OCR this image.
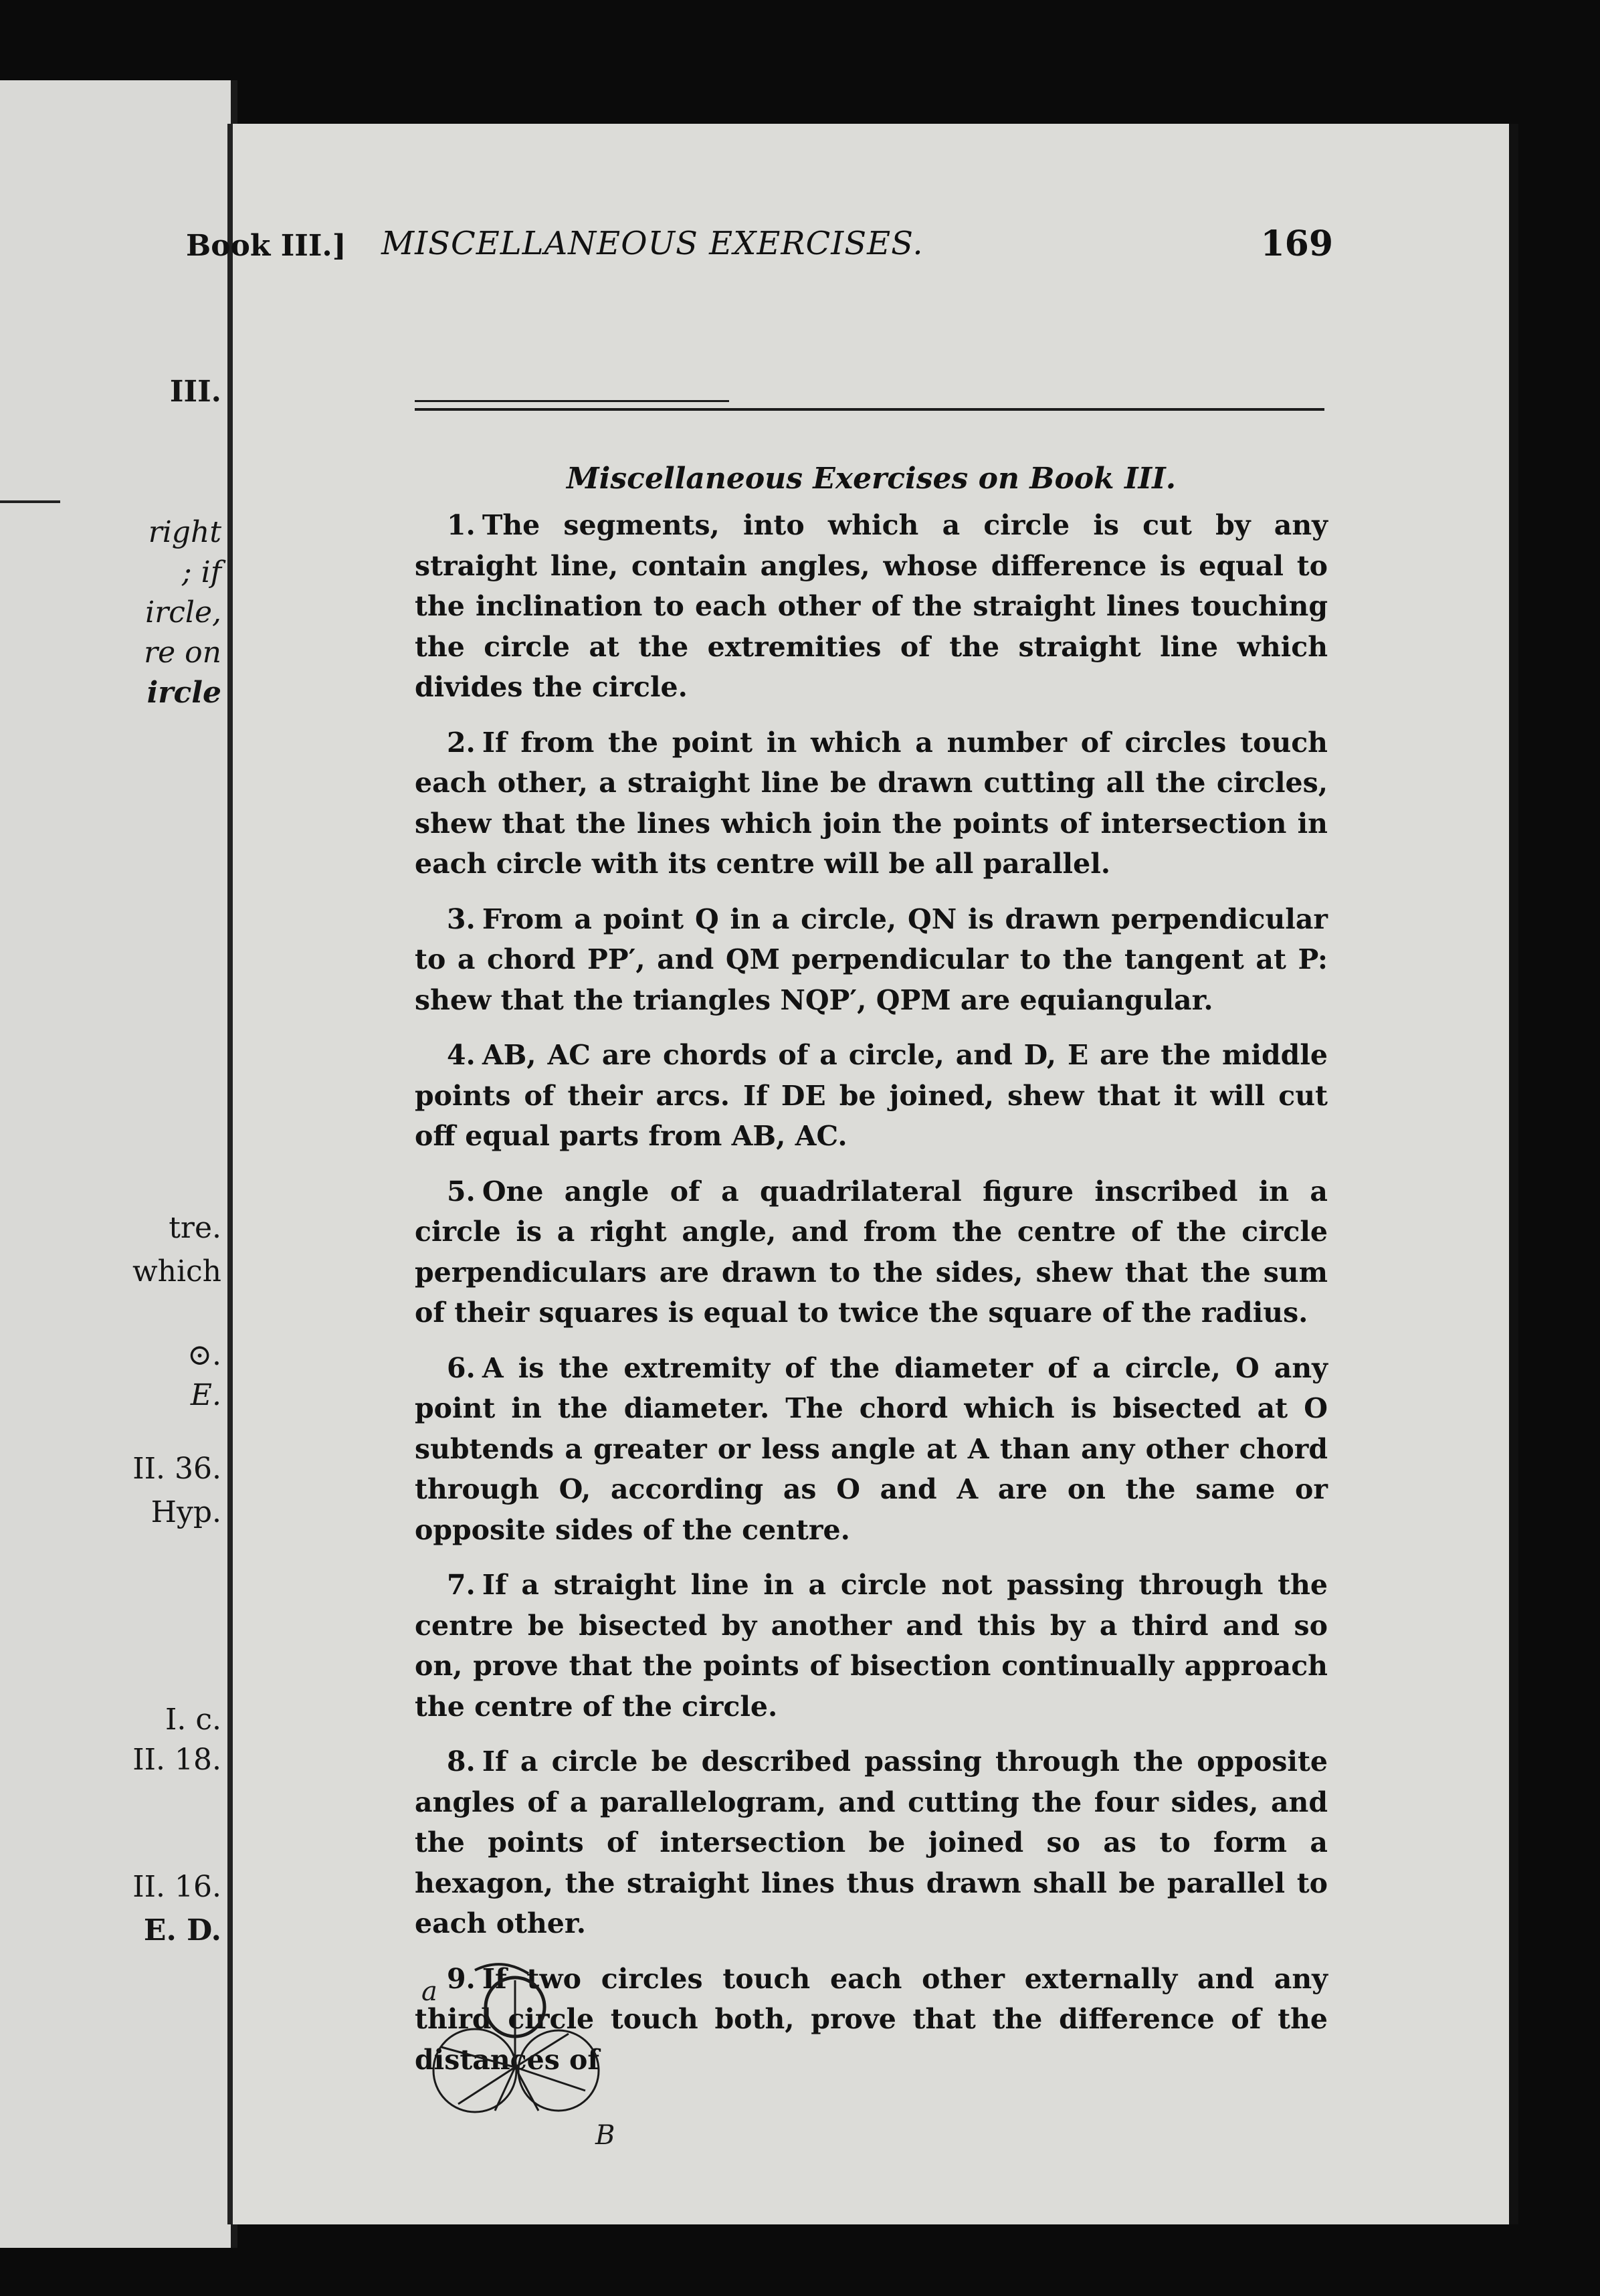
III.
right
; if
ircle,
re on
ircle
tre.
which
⊙.
E.
II. 36.
Hyp.
I. c.
II. 18.
II. 16.
E. D.
Book III.] MISCELLANEOUS EXERCISES.	169
Miscellaneous Exercises on Book III.

1. The segments, into which a circle is cut by any straight line, contain angles, whose difference is equal to the inclination to each other of the straight lines touching the circle at the extremities of the straight line which divides the circle.

2. If from the point in which a number of circles touch each other, a straight line be drawn cutting all the circles, shew that the lines which join the points of intersection in each circle with its centre will be all parallel.

3. From a point Q in a circle, QN is drawn perpendicular to a chord PP′, and QM perpendicular to the tangent at P: shew that the triangles NQP′, QPM are equiangular.

4. AB, AC are chords of a circle, and D, E are the middle points of their arcs. If DE be joined, shew that it will cut off equal parts from AB, AC.

5. One angle of a quadrilateral figure inscribed in a circle is a right angle, and from the centre of the circle perpendiculars are drawn to the sides, shew that the sum of their squares is equal to twice the square of the radius.

6. A is the extremity of the diameter of a circle, O any point in the diameter. The chord which is bisected at O subtends a greater or less angle at A than any other chord through O, according as O and A are on the same or opposite sides of the centre.

7. If a straight line in a circle not passing through the centre be bisected by another and this by a third and so on, prove that the points of bisection continually approach the centre of the circle.

8. If a circle be described passing through the opposite angles of a parallelogram, and cutting the four sides, and the points of intersection be joined so as to form a hexagon, the straight lines thus drawn shall be parallel to each other.

9. If two circles touch each other externally and any third circle touch both, prove that the difference of the distances of

a
B
